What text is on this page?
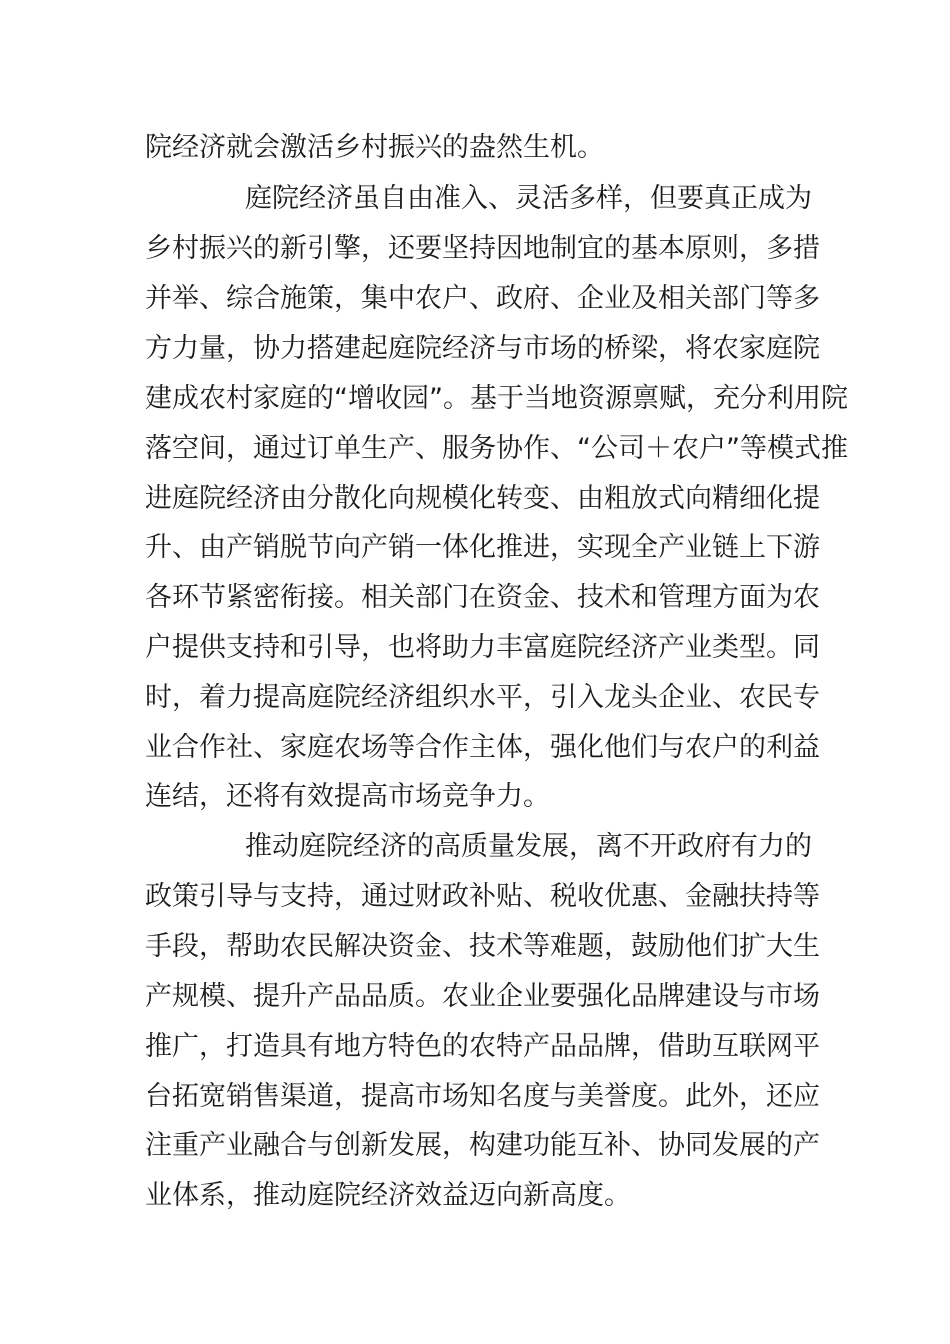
院经济就会激活乡村振兴的盎然生机。
庭院经济虽自由准入、灵活多样，但要真正成为
乡村振兴的新引擎，还要坚持因地制宜的基本原则，多措
并举、综合施策，集中农户、政府、企业及相关部门等多
方力量，协力搭建起庭院经济与市场的桥梁，将农家庭院
建成农村家庭的“增收园”。基于当地资源禀赋，充分利用院
落空间，通过订单生产、服务协作、“公司＋农户”等模式推
进庭院经济由分散化向规模化转变、由粗放式向精细化提
升、由产销脱节向产销一体化推进，实现全产业链上下游
各环节紧密衔接。相关部门在资金、技术和管理方面为农
户提供支持和引导，也将助力丰富庭院经济产业类型。同
时，着力提高庭院经济组织水平，引入龙头企业、农民专
业合作社、家庭农场等合作主体，强化他们与农户的利益
连结，还将有效提高市场竞争力。
推动庭院经济的高质量发展，离不开政府有力的
政策引导与支持，通过财政补贴、税收优惠、金融扶持等
手段，帮助农民解决资金、技术等难题，鼓励他们扩大生
产规模、提升产品品质。农业企业要强化品牌建设与市场
推广，打造具有地方特色的农特产品品牌，借助互联网平
台拓宽销售渠道，提高市场知名度与美誉度。此外，还应
注重产业融合与创新发展，构建功能互补、协同发展的产
业体系，推动庭院经济效益迈向新高度。
